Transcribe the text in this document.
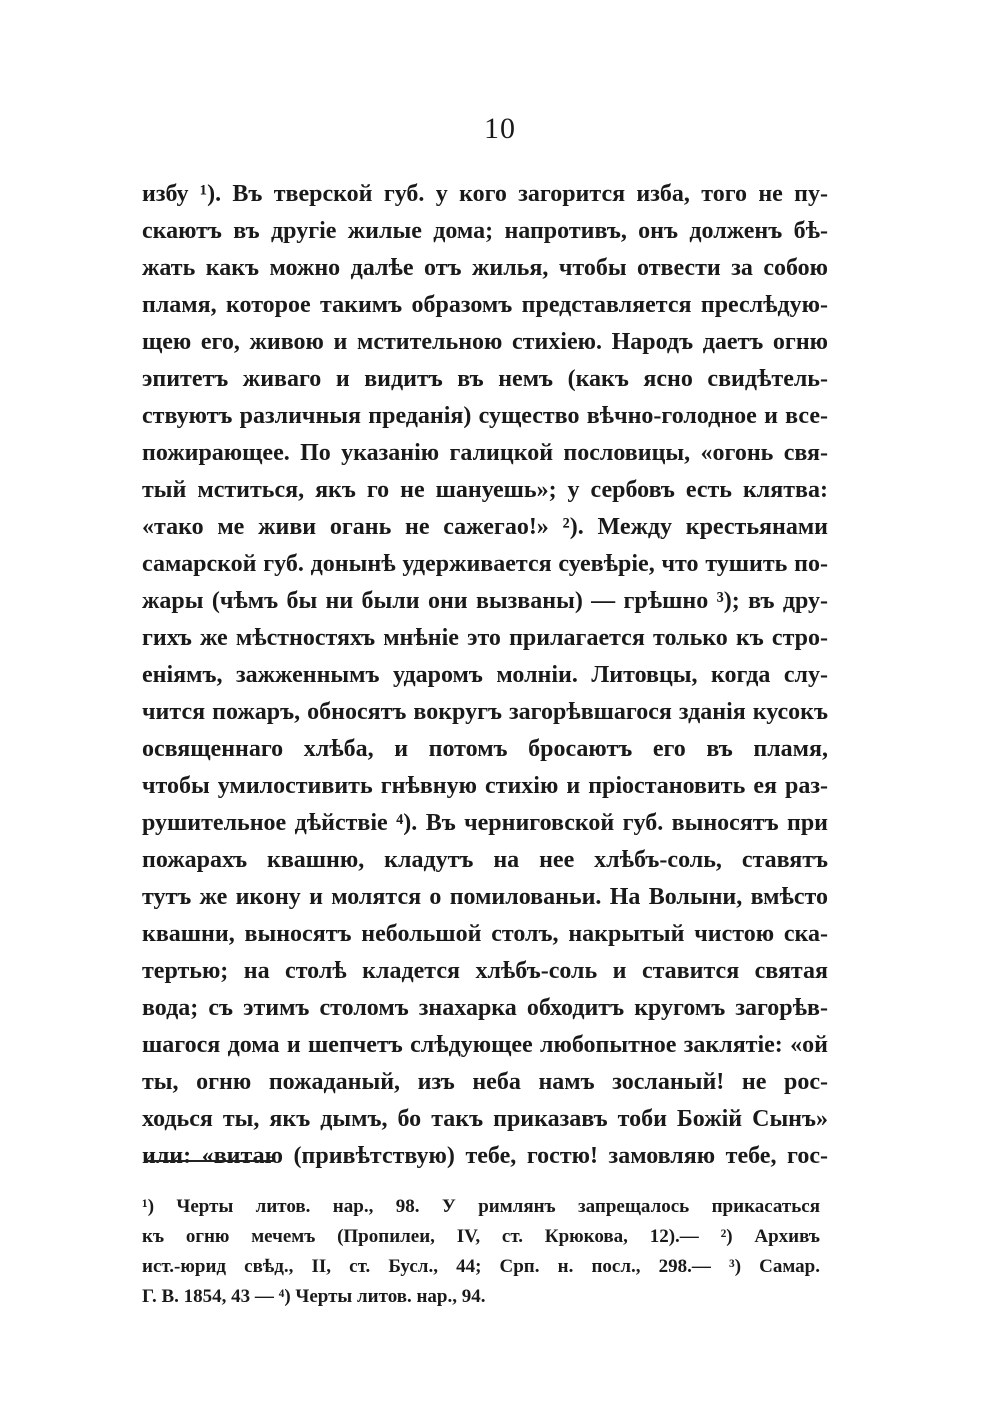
10
избу ¹). Въ тверской губ. у кого загорится изба, того не пу-
скаютъ въ другіе жилые дома; напротивъ, онъ долженъ бѣ-
жать какъ можно далѣе отъ жилья, чтобы отвести за собою
пламя, которое такимъ образомъ представляется преслѣдую-
щею его, живою и мстительною стихіею. Народъ даетъ огню
эпитетъ живаго и видитъ въ немъ (какъ ясно свидѣтель-
ствуютъ различныя преданія) существо вѣчно-голодное и все-
пожирающее. По указанію галицкой пословицы, «огонь свя-
тый мститься, якъ го не шануешь»; у сербовъ есть клятва:
«тако ме живи огань не сажегао!» ²). Между крестьянами
самарской губ. донынѣ удерживается суевѣріе, что тушить по-
жары (чѣмъ бы ни были они вызваны) — грѣшно ³); въ дру-
гихъ же мѣстностяхъ мнѣніе это прилагается только къ стро-
еніямъ, зажженнымъ ударомъ молніи. Литовцы, когда слу-
чится пожаръ, обносятъ вокругъ загорѣвшагося зданія кусокъ
освященнаго хлѣба, и потомъ бросаютъ его въ пламя,
чтобы умилостивить гнѣвную стихію и пріостановить ея раз-
рушительное дѣйствіе ⁴). Въ черниговской губ. выносятъ при
пожарахъ квашню, кладутъ на нее хлѣбъ-соль, ставятъ
тутъ же икону и молятся о помилованьи. На Волыни, вмѣсто
квашни, выносятъ небольшой столъ, накрытый чистою ска-
тертью; на столѣ кладется хлѣбъ-соль и ставится святая
вода; съ этимъ столомъ знахарка обходитъ кругомъ загорѣв-
шагося дома и шепчетъ слѣдующее любопытное заклятіе: «ой
ты, огню пожаданый, изъ неба намъ зосланый! не рос-
ходься ты, якъ дымъ, бо такъ приказавъ тоби Божій Сынъ»
или: «витаю (привѣтствую) тебе, гостю! замовляю тебе, гос-
¹) Черты литов. нар., 98. У римлянъ запрещалось прикасаться
къ огню мечемъ (Пропилеи, IV, ст. Крюкова, 12).— ²) Архивъ
ист.-юрид свѣд., II, ст. Бусл., 44; Срп. н. посл., 298.— ³) Самар.
Г. В. 1854, 43 — ⁴) Черты литов. нар., 94.
